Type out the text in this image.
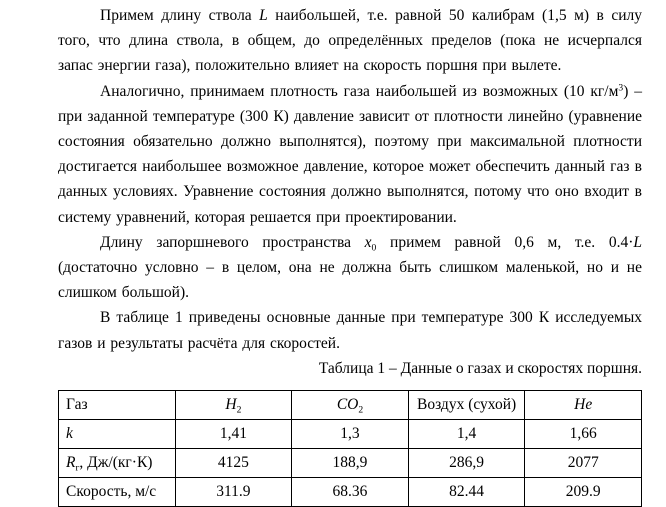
Примем длину ствола L наибольшей, т.е. равной 50 калибрам (1,5 м) в силу того, что длина ствола, в общем, до определённых пределов (пока не исчерпался запас энергии газа), положительно влияет на скорость поршня при вылете.

Аналогично, принимаем плотность газа наибольшей из возможных (10 $кг/м^3$) – при заданной температуре (300 К) давление зависит от плотности линейно (уравнение состояния обязательно должно выполнятся), поэтому при максимальной плотности достигается наибольшее возможное давление, которое может обеспечить данный газ в данных условиях. Уравнение состояния должно выполнятся, потому что оно входит в систему уравнений, которая решается при проектировании.

Длину запоршневого пространства $x_0$ примем равной 0,6 м, т.е. 0.4·L (достаточно условно – в целом, она не должна быть слишком маленькой, но и не слишком большой).

В таблице 1 приведены основные данные при температуре 300 К исследуемых газов и результаты расчёта для скоростей.

Таблица 1 – Данные о газах и скоростях поршня.

Газ	$H_2$	$CO_2$	Воздух (сухой)	He
k	1,41	1,3	1,4	1,66
$R_г$, Дж/(кг·К)	4125	188,9	286,9	2077
Скорость, м/с	311.9	68.36	82.44	209.9
